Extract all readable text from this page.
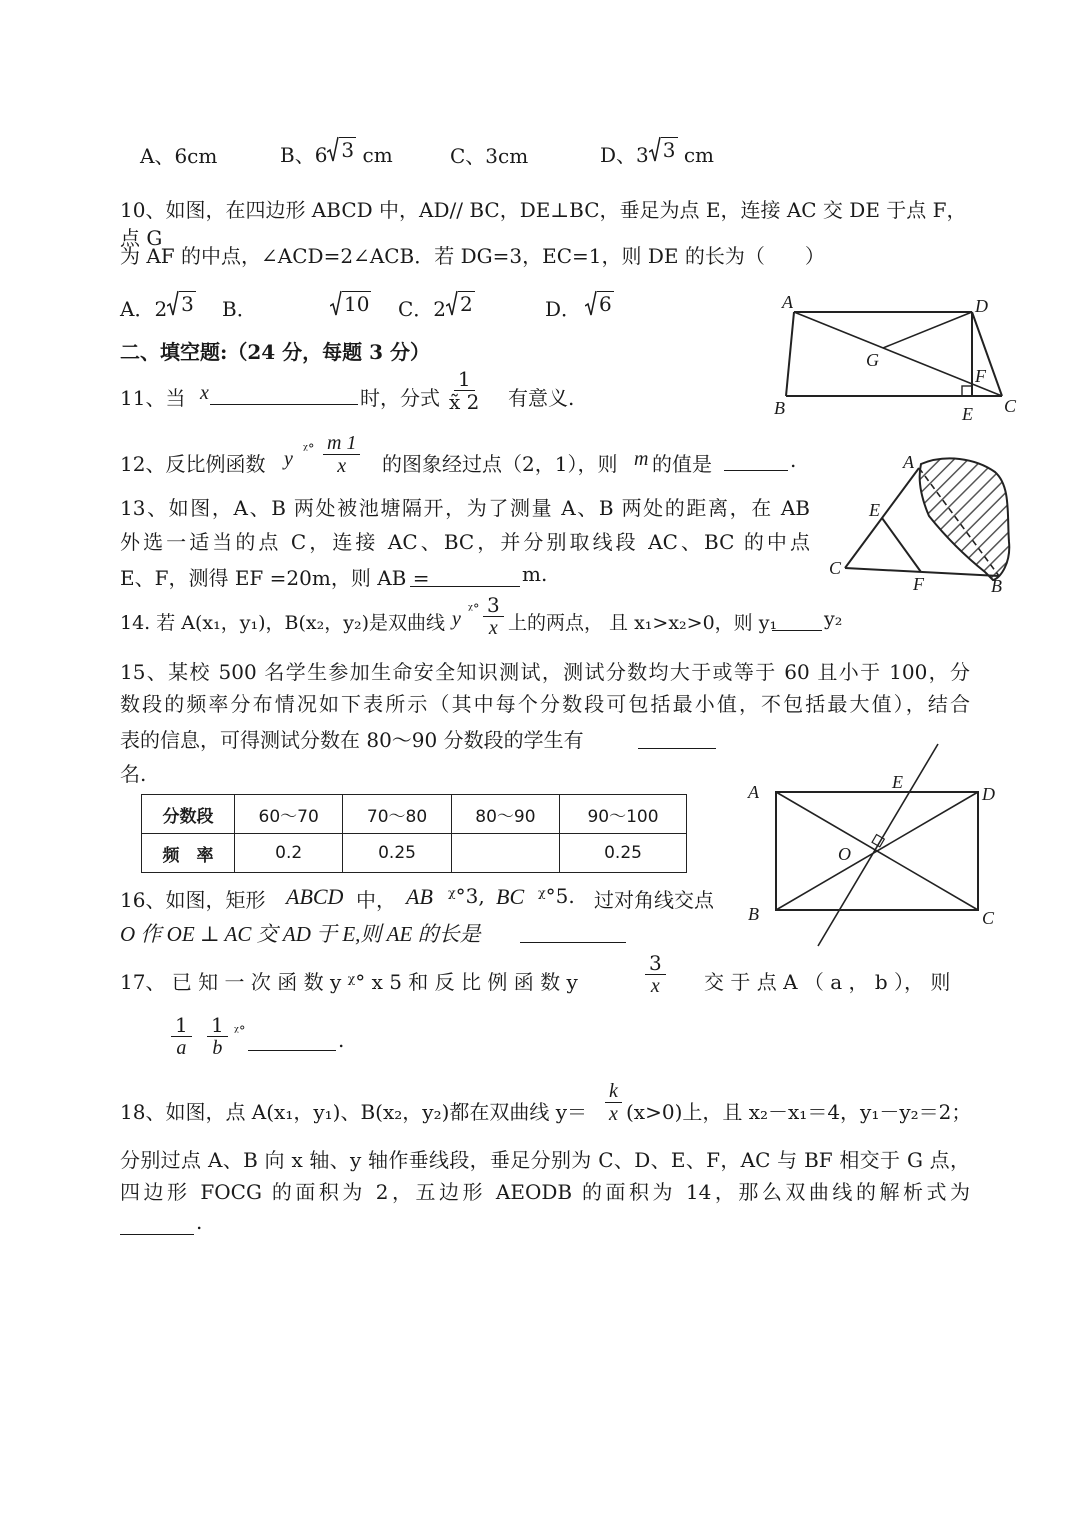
A、6cm	B、6 3 cm	C、3cm	D、3 3 cm
10、如图，在四边形 ABCD 中，AD// BC，DE⊥BC，垂足为点 E，连接 AC 交 DE 于点 F，点 G
为 AF 的中点，∠ACD=2∠ACB．若 DG=3，EC=1，则 DE 的长为（　　）
A．2 3 B．	10 C．2 2	D． 6	A	D
G
F
B	E C
二、填空题:（24 分，每题 3 分）
11、当 x	时，分式 $\frac{1}{x̃ 2}$ 有意义.
12、反比例函数 y ᵡ° $\frac{m 1}{x}$ 的图象经过点（2，1），则 m 的值是	.	A
E
C
F	B
13、如图，A、B 两处被池塘隔开，为了测量 A、B 两处的距离，在 AB
外选一适当的点 C，连接 AC、BC，并分别取线段 AC、BC 的中点
E、F，测得 EF =20m，则 AB =	m.
14. 若 A(x₁，y₁)，B(x₂，y₂)是双曲线 y ᵡ° $\frac{3}{x}$ 上的两点， 且 x₁>x₂>0，则 y₁ y₂
15、某校 500 名学生参加生命安全知识测试，测试分数均大于或等于 60 且小于 100，分
数段的频率分布情况如下表所示（其中每个分数段可包括最小值，不包括最大值），结合
表的信息，可得测试分数在 80～90 分数段的学生有
名.
分数段	60～70	70～80	80～90	90～100
频　率	0.2	0.25		0.25
A	E
D
O
B	C
16、如图，矩形 ABCD 中， AB ᵡ°3, BC ᵡ°5. 过对角线交点
O 作 OE ⊥ AC 交 AD 于 E,则 AE 的长是
17、 已 知 一 次 函 数 y ᵡ° x 5 和 反 比 例 函 数 y	$\frac{3}{x}$ 交 于 点 A （ a ， b ）， 则
$\frac{1}{a} \frac{1}{b}$ ᵡ°	.
18、如图，点 A(x₁，y₁)、B(x₂，y₂)都在双曲线 $y= \frac{k}{x} (x>0)$上，且 x₂－x₁＝4，y₁－y₂＝2；
分别过点 A、B 向 x 轴、y 轴作垂线段，垂足分别为 C、D、E、F，AC 与 BF 相交于 G 点，
四边形 FOCG 的面积为 2，五边形 AEODB 的面积为 14，那么双曲线的解析式为
.
